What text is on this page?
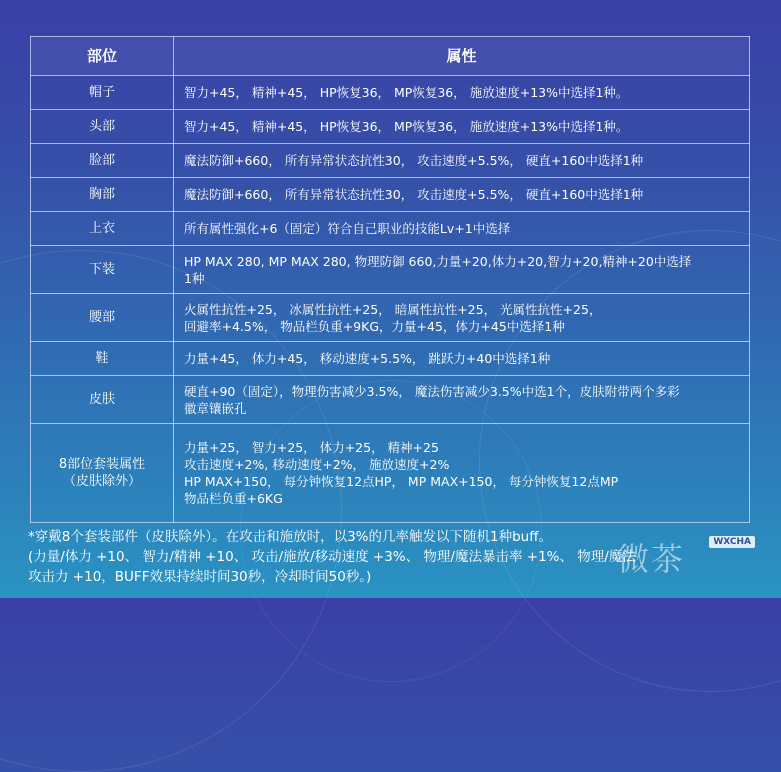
部位	属性
帽子	智力+45， 精神+45， HP恢复36， MP恢复36， 施放速度+13%中选择1种。

头部	智力+45， 精神+45， HP恢复36， MP恢复36， 施放速度+13%中选择1种。

脸部	魔法防御+660， 所有异常状态抗性30， 攻击速度+5.5%， 硬直+160中选择1种

胸部	魔法防御+660， 所有异常状态抗性30， 攻击速度+5.5%， 硬直+160中选择1种

上衣	所有属性强化+6（固定）符合自己职业的技能Lv+1中选择

下装	HP MAX 280, MP MAX 280, 物理防御 660,力量+20,体力+20,智力+20,精神+20中选择
1种

腰部	火属性抗性+25， 冰属性抗性+25， 暗属性抗性+25， 光属性抗性+25，
回避率+4.5%， 物品栏负重+9KG，力量+45，体力+45中选择1种

鞋	力量+45， 体力+45， 移动速度+5.5%， 跳跃力+40中选择1种

皮肤	硬直+90（固定），物理伤害减少3.5%， 魔法伤害减少3.5%中选1个，皮肤附带两个多彩
徽章镶嵌孔

8部位套装属性
（皮肤除外）	力量+25， 智力+25， 体力+25， 精神+25
攻击速度+2%, 移动速度+2%， 施放速度+2%
HP MAX+150， 每分钟恢复12点HP， MP MAX+150， 每分钟恢复12点MP
物品栏负重+6KG
*穿戴8个套装部件（皮肤除外）。在攻击和施放时，以3%的几率触发以下随机1种buff。
(力量/体力 +10、 智力/精神 +10、 攻击/施放/移动速度 +3%、 物理/魔法暴击率 +1%、 物理/魔法
攻击力 +10，BUFF效果持续时间30秒，冷却时间50秒。)	微茶	WXCHA
